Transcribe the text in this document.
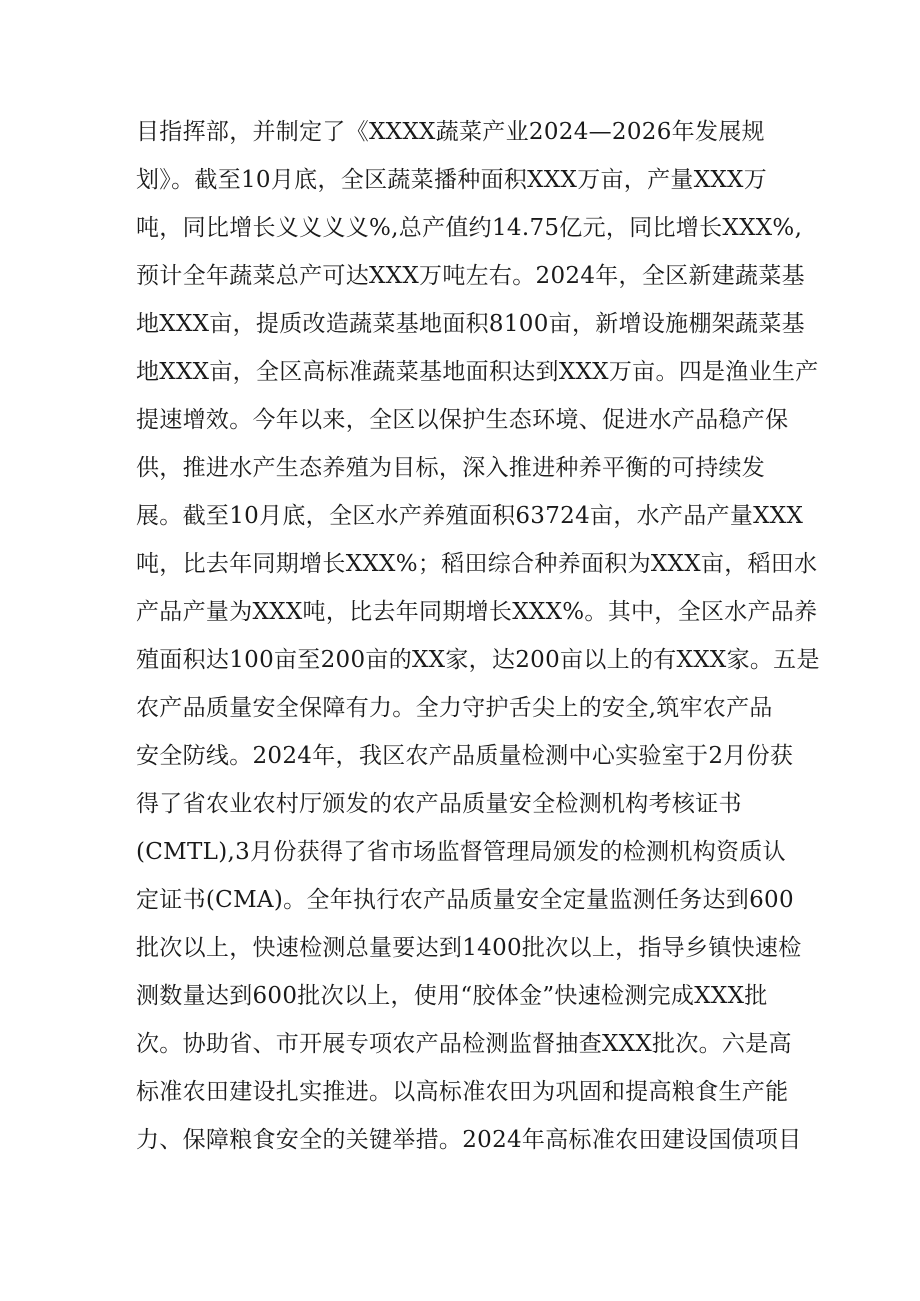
目指挥部，并制定了《XXXX蔬菜产业2024—2026年发展规
划》。截至10月底，全区蔬菜播种面积XXX万亩，产量XXX万
吨，同比增长义义义义%,总产值约14.75亿元，同比增长XXX%,
预计全年蔬菜总产可达XXX万吨左右。2024年，全区新建蔬菜基
地XXX亩，提质改造蔬菜基地面积8100亩，新增设施棚架蔬菜基
地XXX亩，全区高标准蔬菜基地面积达到XXX万亩。四是渔业生产
提速增效。今年以来，全区以保护生态环境、促进水产品稳产保
供，推进水产生态养殖为目标，深入推进种养平衡的可持续发
展。截至10月底，全区水产养殖面积63724亩，水产品产量XXX
吨，比去年同期增长XXX%；稻田综合种养面积为XXX亩，稻田水
产品产量为XXX吨，比去年同期增长XXX%。其中，全区水产品养
殖面积达100亩至200亩的XX家，达200亩以上的有XXX家。五是
农产品质量安全保障有力。全力守护舌尖上的安全,筑牢农产品
安全防线。2024年，我区农产品质量检测中心实验室于2月份获
得了省农业农村厅颁发的农产品质量安全检测机构考核证书
(CMTL),3月份获得了省市场监督管理局颁发的检测机构资质认
定证书(CMA)。全年执行农产品质量安全定量监测任务达到600
批次以上，快速检测总量要达到1400批次以上，指导乡镇快速检
测数量达到600批次以上，使用“胶体金”快速检测完成XXX批
次。协助省、市开展专项农产品检测监督抽查XXX批次。六是高
标准农田建设扎实推进。以高标准农田为巩固和提高粮食生产能
力、保障粮食安全的关键举措。2024年高标准农田建设国债项目
